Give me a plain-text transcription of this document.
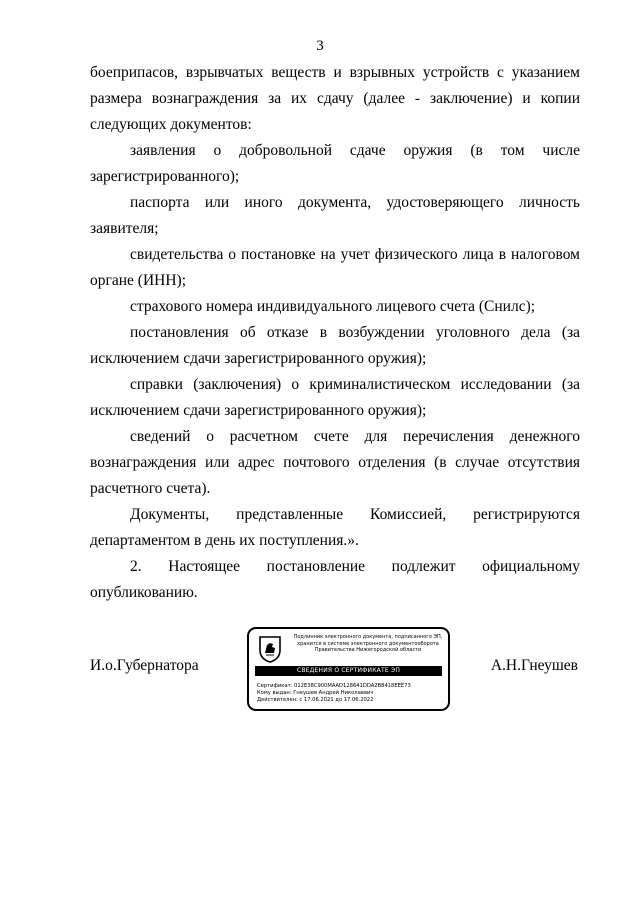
3

боеприпасов, взрывчатых веществ и взрывных устройств с указанием размера вознаграждения за их сдачу (далее - заключение) и копии следующих документов:

заявления о добровольной сдаче оружия (в том числе зарегистрированного);

паспорта или иного документа, удостоверяющего личность заявителя;

свидетельства о постановке на учет физического лица в налоговом органе (ИНН);

страхового номера индивидуального лицевого счета (Снилс);

постановления об отказе в возбуждении уголовного дела (за исключением сдачи зарегистрированного оружия);

справки (заключения) о криминалистическом исследовании (за исключением сдачи зарегистрированного оружия);

сведений о расчетном счете для перечисления денежного вознаграждения или адрес почтового отделения (в случае отсутствия расчетного счета).

Документы, представленные Комиссией, регистрируются департаментом в день их поступления.».

2. Настоящее постановление подлежит официальному опубликованию.

И.о.Губернатора	А.Н.Гнеушев
Подлинник электронного документа, подписанного ЭП,
хранится в системе электронного документооборота
Правительства Нижегородской области
СВЕДЕНИЯ О СЕРТИФИКАТЕ ЭП
Сертификат: 012E38C900MAAD128641DDA2B8418EEE73
Кому выдан: Гнеушев Андрей Николаевич
Действителен: с 17.06.2021 до 17.06.2022
